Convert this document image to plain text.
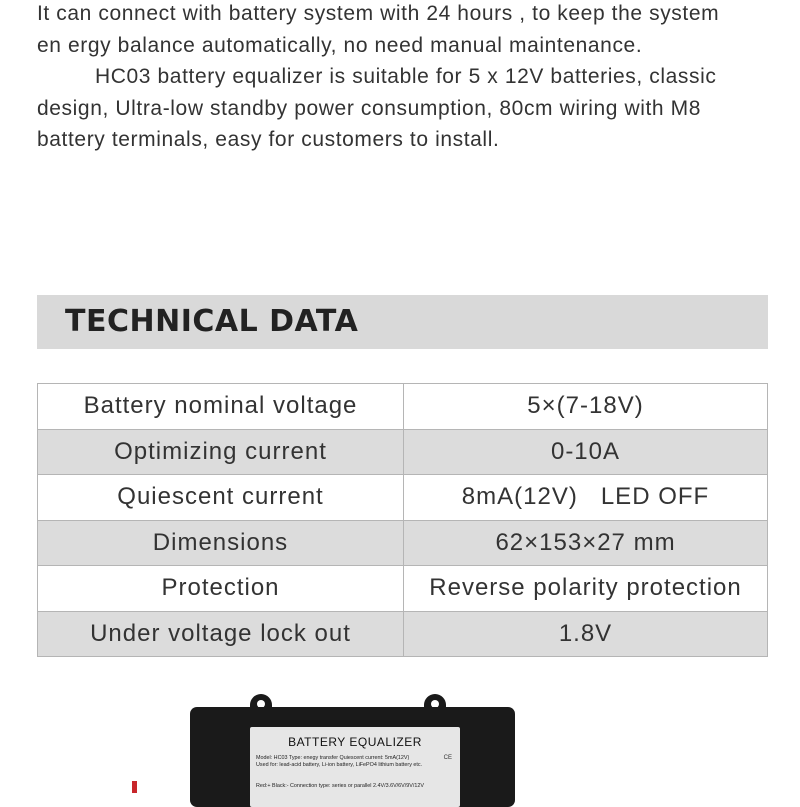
It can connect with battery system with 24 hours , to keep the system

en ergy balance automatically, no need manual maintenance.

HC03 battery equalizer is suitable for 5 x 12V batteries, classic

design, Ultra-low standby power consumption, 80cm wiring with M8

battery terminals, easy for customers to install.

TECHNICAL DATA
Battery nominal voltage	5×(7-18V)
Optimizing current	0-10A
Quiescent current	8mA(12V)   LED OFF
Dimensions	62×153×27 mm
Protection	Reverse polarity protection
Under voltage lock out	1.8V
BATTERY EQUALIZER
CE
Model: HC03 Type: enegy transfer Quiescent current: 5mA(12V)
Used for: lead-acid battery, Li-ion battery, LiFePO4 lithium battery etc.
Red:+ Black:- Connection type: series or parallel 2.4V/3.6V/6V/9V/12V
